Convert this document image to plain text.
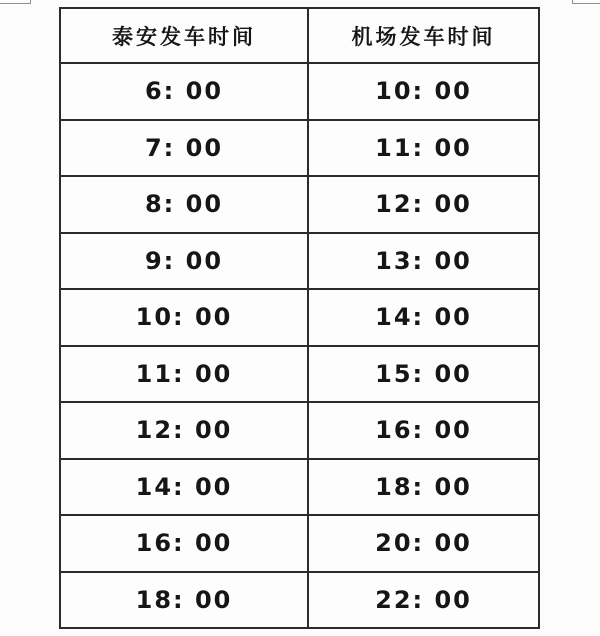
泰安发车时间	机场发车时间
6: 00	10: 00
7: 00	11: 00
8: 00	12: 00
9: 00	13: 00
10: 00	14: 00
11: 00	15: 00
12: 00	16: 00
14: 00	18: 00
16: 00	20: 00
18: 00	22: 00
